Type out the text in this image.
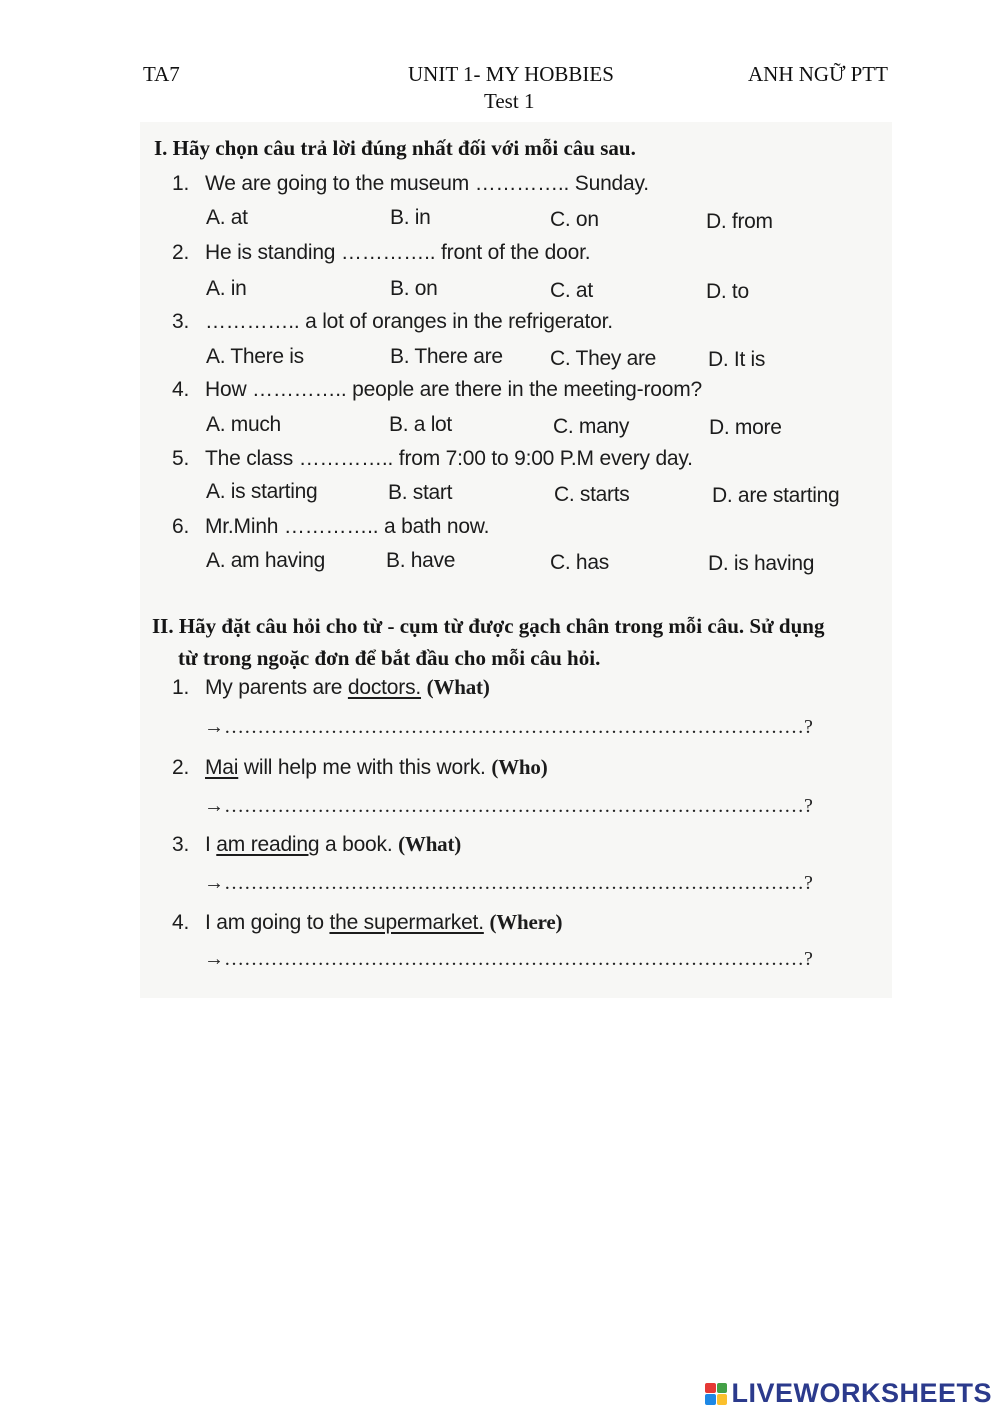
TA7	UNIT 1- MY HOBBIES	ANH NGỮ PTT
Test 1
I. Hãy chọn câu trả lời đúng nhất đối với mỗi câu sau.
1. We are going to the museum ………….. Sunday.
A. at	B. in	C. on	D. from
2. He is standing ………….. front of the door.
A. in	B. on	C. at	D. to
3. ………….. a lot of oranges in the refrigerator.
A. There is	B. There are C. They are D. It is
4. How ………….. people are there in the meeting-room?
A. much	B. a lot	C. many	D. more
5. The class ………….. from 7:00 to 9:00 P.M every day.
A. is starting	B. start	C. starts	D. are starting
6. Mr.Minh ………….. a bath now.
A. am having	B. have	C. has	D. is having
II. Hãy đặt câu hỏi cho từ - cụm từ được gạch chân trong mỗi câu. Sử dụng
từ trong ngoặc đơn để bắt đầu cho mỗi câu hỏi.
1. My parents are doctors. (What)
→……………………………………………………………………………?
2. Mai will help me with this work. (Who)
→……………………………………………………………………………?
3. I am reading a book. (What)
→……………………………………………………………………………?
4. I am going to the supermarket. (Where)
→……………………………………………………………………………?
LIVEWORKSHEETS
